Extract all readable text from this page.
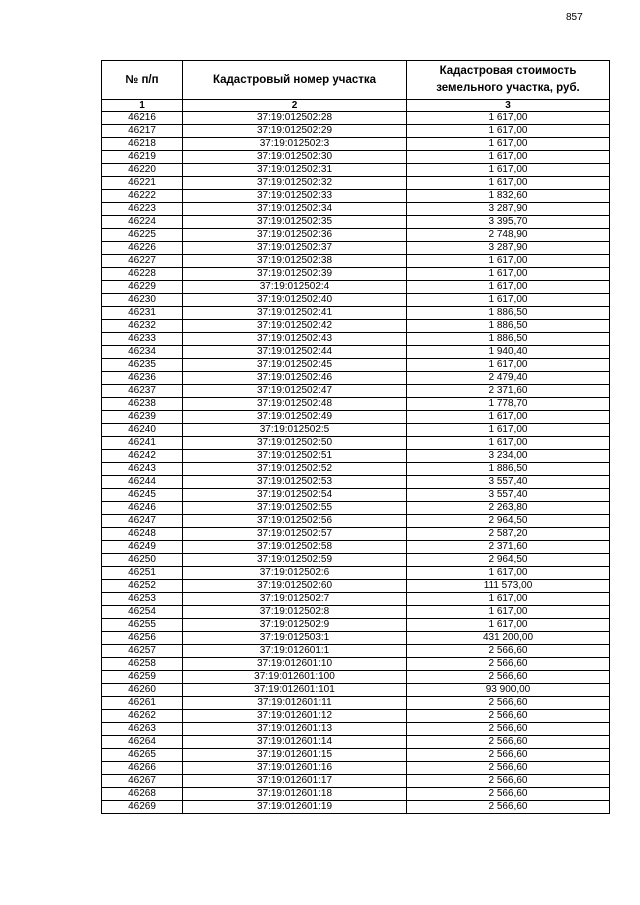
857
№ п/п	Кадастровый номер участка	Кадастровая стоимость земельного участка, руб.
1	2	3
46216	37:19:012502:28	1 617,00
46217	37:19:012502:29	1 617,00
46218	37:19:012502:3	1 617,00
46219	37:19:012502:30	1 617,00
46220	37:19:012502:31	1 617,00
46221	37:19:012502:32	1 617,00
46222	37:19:012502:33	1 832,60
46223	37:19:012502:34	3 287,90
46224	37:19:012502:35	3 395,70
46225	37:19:012502:36	2 748,90
46226	37:19:012502:37	3 287,90
46227	37:19:012502:38	1 617,00
46228	37:19:012502:39	1 617,00
46229	37:19:012502:4	1 617,00
46230	37:19:012502:40	1 617,00
46231	37:19:012502:41	1 886,50
46232	37:19:012502:42	1 886,50
46233	37:19:012502:43	1 886,50
46234	37:19:012502:44	1 940,40
46235	37:19:012502:45	1 617,00
46236	37:19:012502:46	2 479,40
46237	37:19:012502:47	2 371,60
46238	37:19:012502:48	1 778,70
46239	37:19:012502:49	1 617,00
46240	37:19:012502:5	1 617,00
46241	37:19:012502:50	1 617,00
46242	37:19:012502:51	3 234,00
46243	37:19:012502:52	1 886,50
46244	37:19:012502:53	3 557,40
46245	37:19:012502:54	3 557,40
46246	37:19:012502:55	2 263,80
46247	37:19:012502:56	2 964,50
46248	37:19:012502:57	2 587,20
46249	37:19:012502:58	2 371,60
46250	37:19:012502:59	2 964,50
46251	37:19:012502:6	1 617,00
46252	37:19:012502:60	111 573,00
46253	37:19:012502:7	1 617,00
46254	37:19:012502:8	1 617,00
46255	37:19:012502:9	1 617,00
46256	37:19:012503:1	431 200,00
46257	37:19:012601:1	2 566,60
46258	37:19:012601:10	2 566,60
46259	37:19:012601:100	2 566,60
46260	37:19:012601:101	93 900,00
46261	37:19:012601:11	2 566,60
46262	37:19:012601:12	2 566,60
46263	37:19:012601:13	2 566,60
46264	37:19:012601:14	2 566,60
46265	37:19:012601:15	2 566,60
46266	37:19:012601:16	2 566,60
46267	37:19:012601:17	2 566,60
46268	37:19:012601:18	2 566,60
46269	37:19:012601:19	2 566,60
